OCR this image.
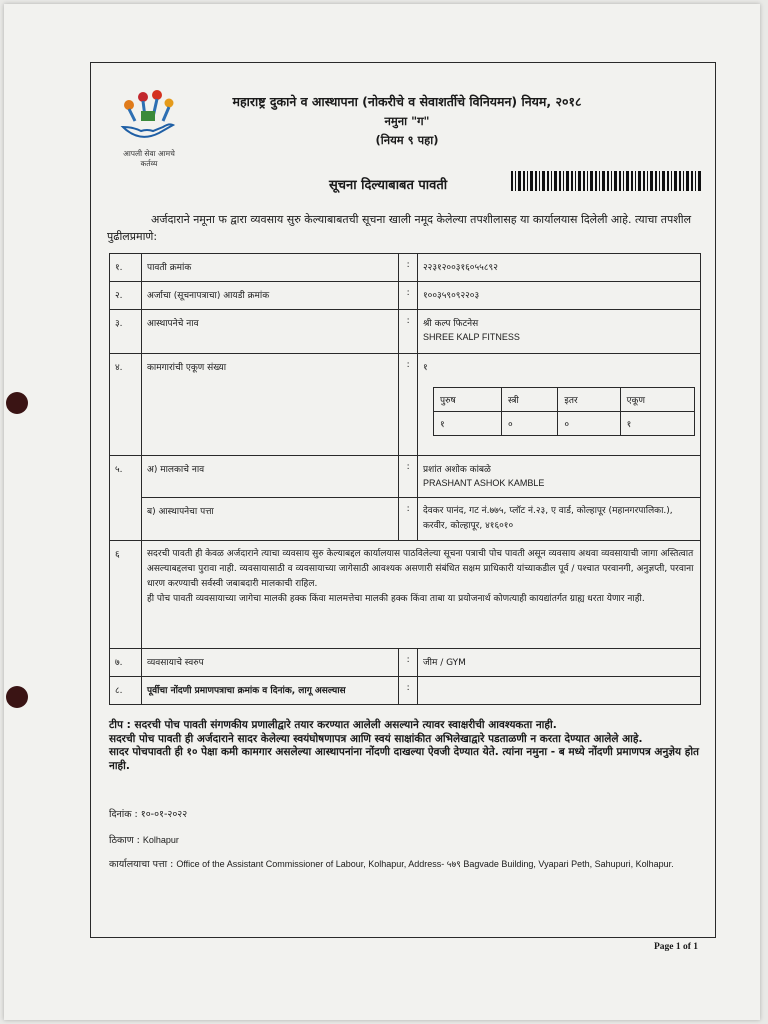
आपली सेवा आमचे कर्तव्य
महाराष्ट्र दुकाने व आस्थापना (नोकरीचे व सेवाशर्तीचे विनियमन) नियम, २०१८
नमुना "ग"
(नियम ९ पहा)
सूचना दिल्याबाबत पावती
अर्जदाराने नमूना फ द्वारा व्यवसाय सुरु केल्याबाबतची सूचना खाली नमूद केलेल्या तपशीलासह या कार्यालयास दिलेली आहे. त्याचा तपशील पुढीलप्रमाणे:
१.	पावती क्रमांक	:	२२३१२००३१६०५५८९२
२.	अर्जाचा (सूचनापत्राचा) आयडी क्रमांक	:	१००३५९०९२२०३
३.	आस्थापनेचे नाव	:	श्री कल्प फिटनेस
SHREE KALP FITNESS

४.	कामगारांची एकूण संख्या	:	१
पुरुष	स्त्री	इतर	एकूण
१	०	०	१

५.	अ) मालकाचे नाव	:	प्रशांत अशोक कांबळे
PRASHANT ASHOK KAMBLE

ब) आस्थापनेचा पत्ता	:	देवकर पानंद, गट नं.७७५, प्लॉट नं.२३, ए वार्ड, कोल्हापूर (महानगरपालिका.), करवीर, कोल्हापूर, ४१६०१०
६	सदरची पावती ही केवळ अर्जदाराने त्याचा व्यवसाय सुरु केल्याबद्दल कार्यालयास पाठविलेल्या सूचना पत्राची पोच पावती असून व्यवसाय अथवा व्यवसायाची जागा अस्तित्वात असल्याबद्दलचा पुरावा नाही. व्यवसायासाठी व व्यवसायाच्या जागेसाठी आवश्यक असणारी संबंधित सक्षम प्राधिकारी यांच्याकडील पूर्व / पश्चात परवानगी, अनुज्ञप्ती, परवाना धारण करण्याची सर्वस्वी जबाबदारी मालकाची राहिल.
ही पोच पावती व्यवसायाच्या जागेचा मालकी हक्क किंवा मालमत्तेचा मालकी हक्क किंवा ताबा या प्रयोजनार्थ कोणत्याही कायद्यांतर्गत ग्राह्य धरता येणार नाही.

७.	व्यवसायाचे स्वरुप	:	जीम / GYM
८.	पूर्वीचा नोंदणी प्रमाणपत्राचा क्रमांक व दिनांक, लागू असल्यास	:	
टीप : सदरची पोच पावती संगणकीय प्रणालीद्वारे तयार करण्यात आलेली असल्याने त्यावर स्वाक्षरीची आवश्यकता नाही.
सदरची पोच पावती ही अर्जदाराने सादर केलेल्या स्वयंघोषणापत्र आणि स्वयं साक्षांकीत अभिलेखाद्वारे पडताळणी न करता देण्यात आलेले आहे.
सादर पोचपावती ही १० पेक्षा कमी कामगार असलेल्या आस्थापनांना नोंदणी दाखल्या ऐवजी देण्यात येते. त्यांना नमुना - ब मध्ये नोंदणी प्रमाणपत्र अनुज्ञेय होत नाही.
दिनांक : १०-०१-२०२२
ठिकाण : Kolhapur
कार्यालयाचा पत्ता : Office of the Assistant Commissioner of Labour, Kolhapur, Address- ५७९ Bagvade Building, Vyapari Peth, Sahupuri, Kolhapur.
Page 1 of 1
